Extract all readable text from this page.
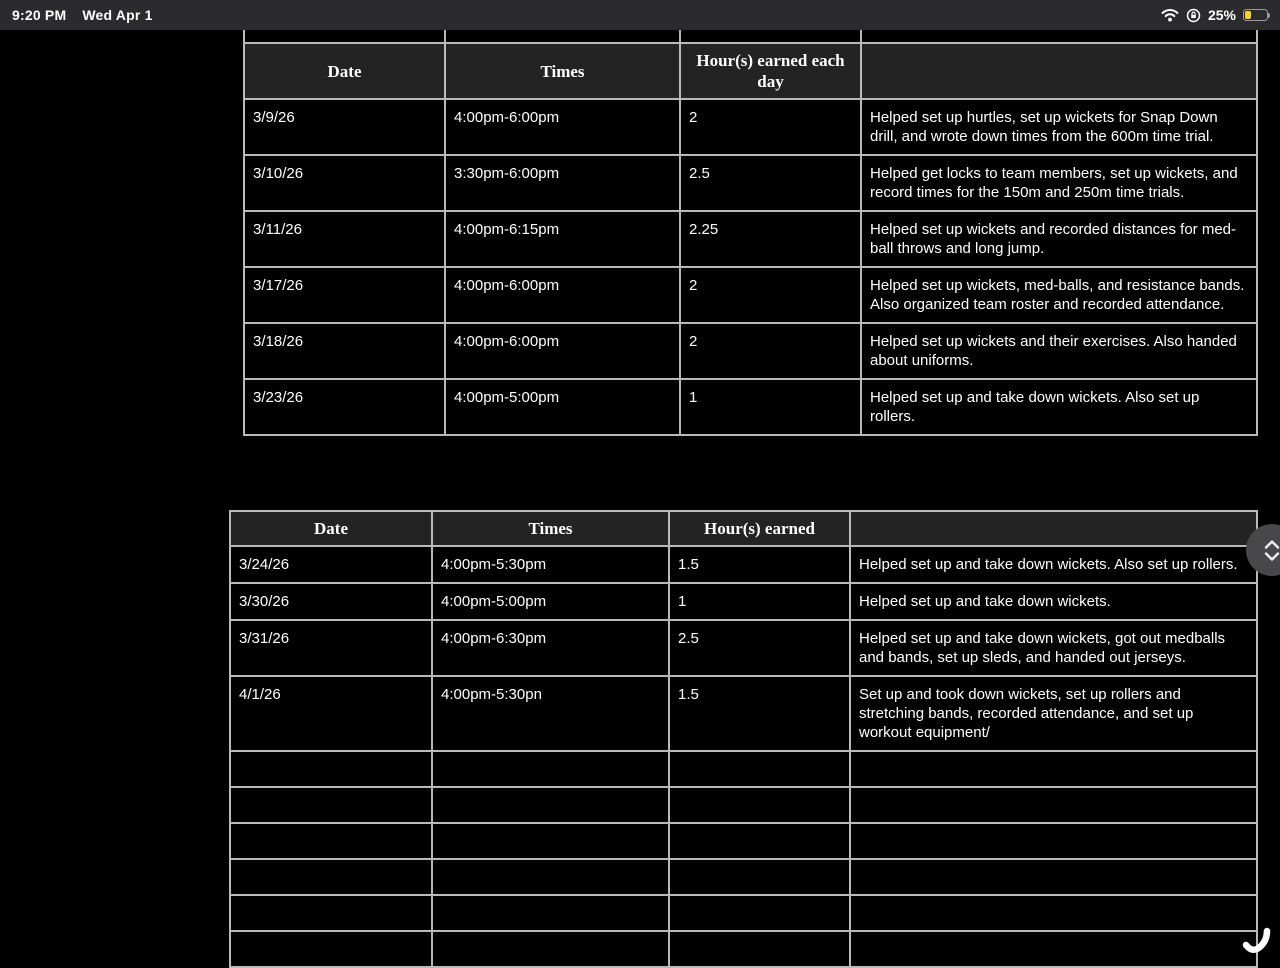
9:20 PM Wed Apr 1	25%

Date	Times	Hour(s) earned each day	
3/9/26	4:00pm-6:00pm	2	Helped set up hurtles, set up wickets for Snap Down drill, and wrote down times from the 600m time trial.
3/10/26	3:30pm-6:00pm	2.5	Helped get locks to team members, set up wickets, and record times for the 150m and 250m time trials.
3/11/26	4:00pm-6:15pm	2.25	Helped set up wickets and recorded distances for med-ball throws and long jump.
3/17/26	4:00pm-6:00pm	2	Helped set up wickets, med-balls, and resistance bands. Also organized team roster and recorded attendance.
3/18/26	4:00pm-6:00pm	2	Helped set up wickets and their exercises. Also handed about uniforms.
3/23/26	4:00pm-5:00pm	1	Helped set up and take down wickets. Also set up rollers.
Date	Times	Hour(s) earned	
3/24/26	4:00pm-5:30pm	1.5	Helped set up and take down wickets. Also set up rollers.
3/30/26	4:00pm-5:00pm	1	Helped set up and take down wickets.
3/31/26	4:00pm-6:30pm	2.5	Helped set up and take down wickets, got out medballs and bands, set up sleds, and handed out jerseys.
4/1/26	4:00pm-5:30pn	1.5	Set up and took down wickets, set up rollers and stretching bands, recorded attendance, and set up workout equipment/
